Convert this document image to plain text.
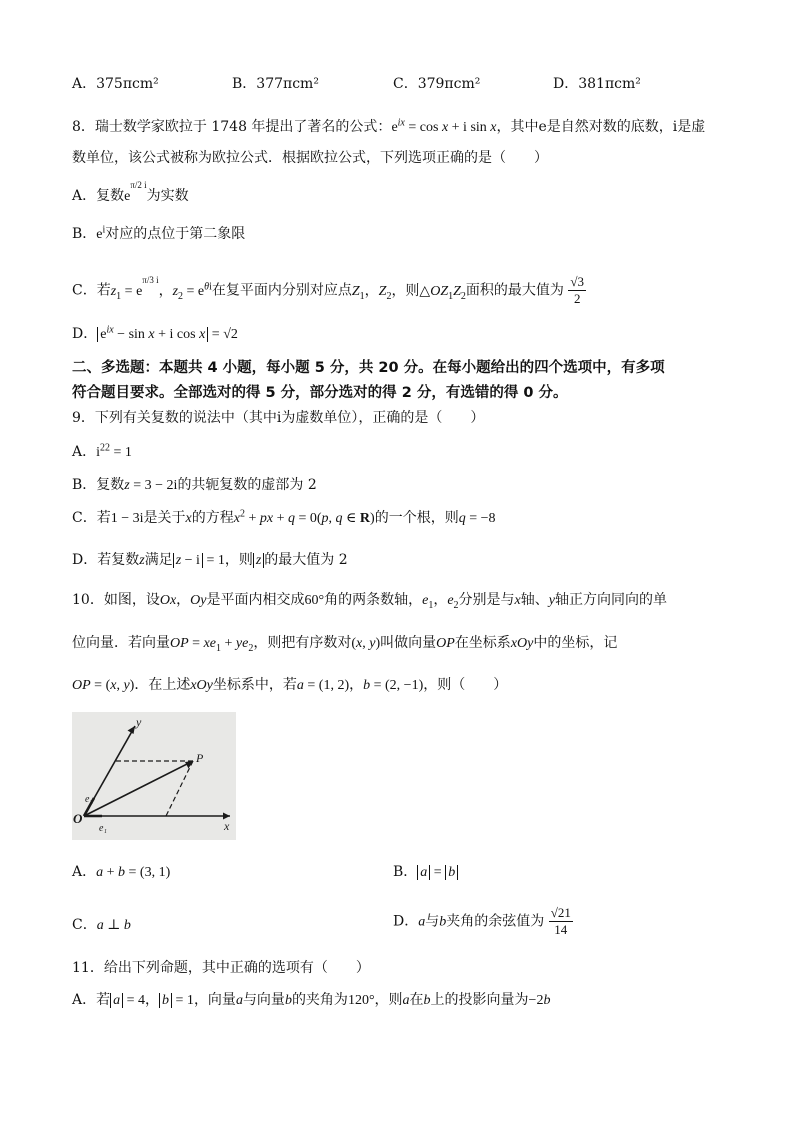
A．375πcm²	B．377πcm²	C．379πcm²	D．381πcm²
8．瑞士数学家欧拉于 1748 年提出了著名的公式：$e^{ix} = \cos x + i$ sin x，其中e是自然对数的底数，i是虚
数单位，该公式被称为欧拉公式．根据欧拉公式，下列选项正确的是（　　）
A．复数$e^{\pi/2 i}$为实数
B．$e^i$对应的点位于第二象限
C．若$z_1 = e^{\pi/3 i}$，$z_2 = e^{\theta i}$在复平面内分别对应点$Z_1$，$Z_2$，则$\triangle OZ_1Z_2$面积的最大值为 $\frac{√3}{2}$
D． $e^{ix} - \sin x + i$ cos x = √2
二、多选题：本题共 4 小题，每小题 5 分，共 20 分。在每小题给出的四个选项中，有多项
符合题目要求。全部选对的得 5 分，部分选对的得 2 分，有选错的得 0 分。
9．下列有关复数的说法中（其中i为虚数单位），正确的是（　　）
A．$i^{22} = 1$
B．复数z = 3 − 2i的共轭复数的虚部为 2
C．若1 − 3i是关于x的方程$x^2$ + px + q = 0(p, q ∈ R)的一个根，则q = −8
D．若复数z满足 z − i = 1，则 z 的最大值为 2
10．如图，设Ox，Oy是平面内相交成60°角的两条数轴，$e_1$，$e_2$分别是与x轴、y轴正方向同向的单
位向量．若向量OP = $xe_1 + ye_2$，则把有序数对(x, y)叫做向量OP在坐标系xOy中的坐标，记
OP = (x, y)．在上述xOy坐标系中，若a = (1, 2)，b = (2, −1)，则（　　）
y
x
P
O
e₂
e₁
A．a + b = (3, 1)	B． a = b
C．a ⊥ b	D．a与b夹角的余弦值为 $\frac{√21}{14}$
11．给出下列命题，其中正确的选项有（　　）
A．若 a = 4， b = 1，向量a与向量b的夹角为120°，则a在b上的投影向量为−2b
